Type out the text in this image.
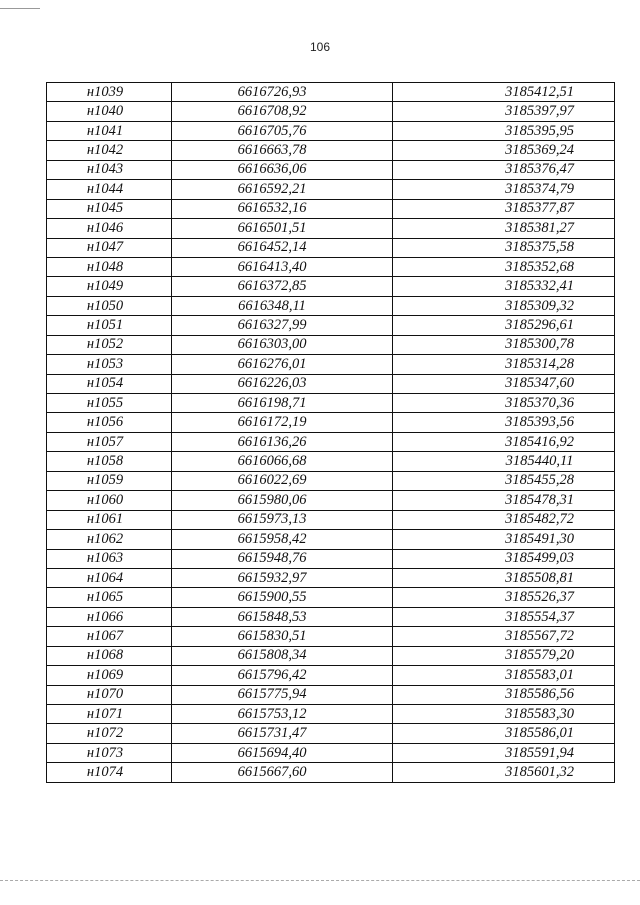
106
н1039	6616726,93	3185412,51
н1040	6616708,92	3185397,97
н1041	6616705,76	3185395,95
н1042	6616663,78	3185369,24
н1043	6616636,06	3185376,47
н1044	6616592,21	3185374,79
н1045	6616532,16	3185377,87
н1046	6616501,51	3185381,27
н1047	6616452,14	3185375,58
н1048	6616413,40	3185352,68
н1049	6616372,85	3185332,41
н1050	6616348,11	3185309,32
н1051	6616327,99	3185296,61
н1052	6616303,00	3185300,78
н1053	6616276,01	3185314,28
н1054	6616226,03	3185347,60
н1055	6616198,71	3185370,36
н1056	6616172,19	3185393,56
н1057	6616136,26	3185416,92
н1058	6616066,68	3185440,11
н1059	6616022,69	3185455,28
н1060	6615980,06	3185478,31
н1061	6615973,13	3185482,72
н1062	6615958,42	3185491,30
н1063	6615948,76	3185499,03
н1064	6615932,97	3185508,81
н1065	6615900,55	3185526,37
н1066	6615848,53	3185554,37
н1067	6615830,51	3185567,72
н1068	6615808,34	3185579,20
н1069	6615796,42	3185583,01
н1070	6615775,94	3185586,56
н1071	6615753,12	3185583,30
н1072	6615731,47	3185586,01
н1073	6615694,40	3185591,94
н1074	6615667,60	3185601,32
